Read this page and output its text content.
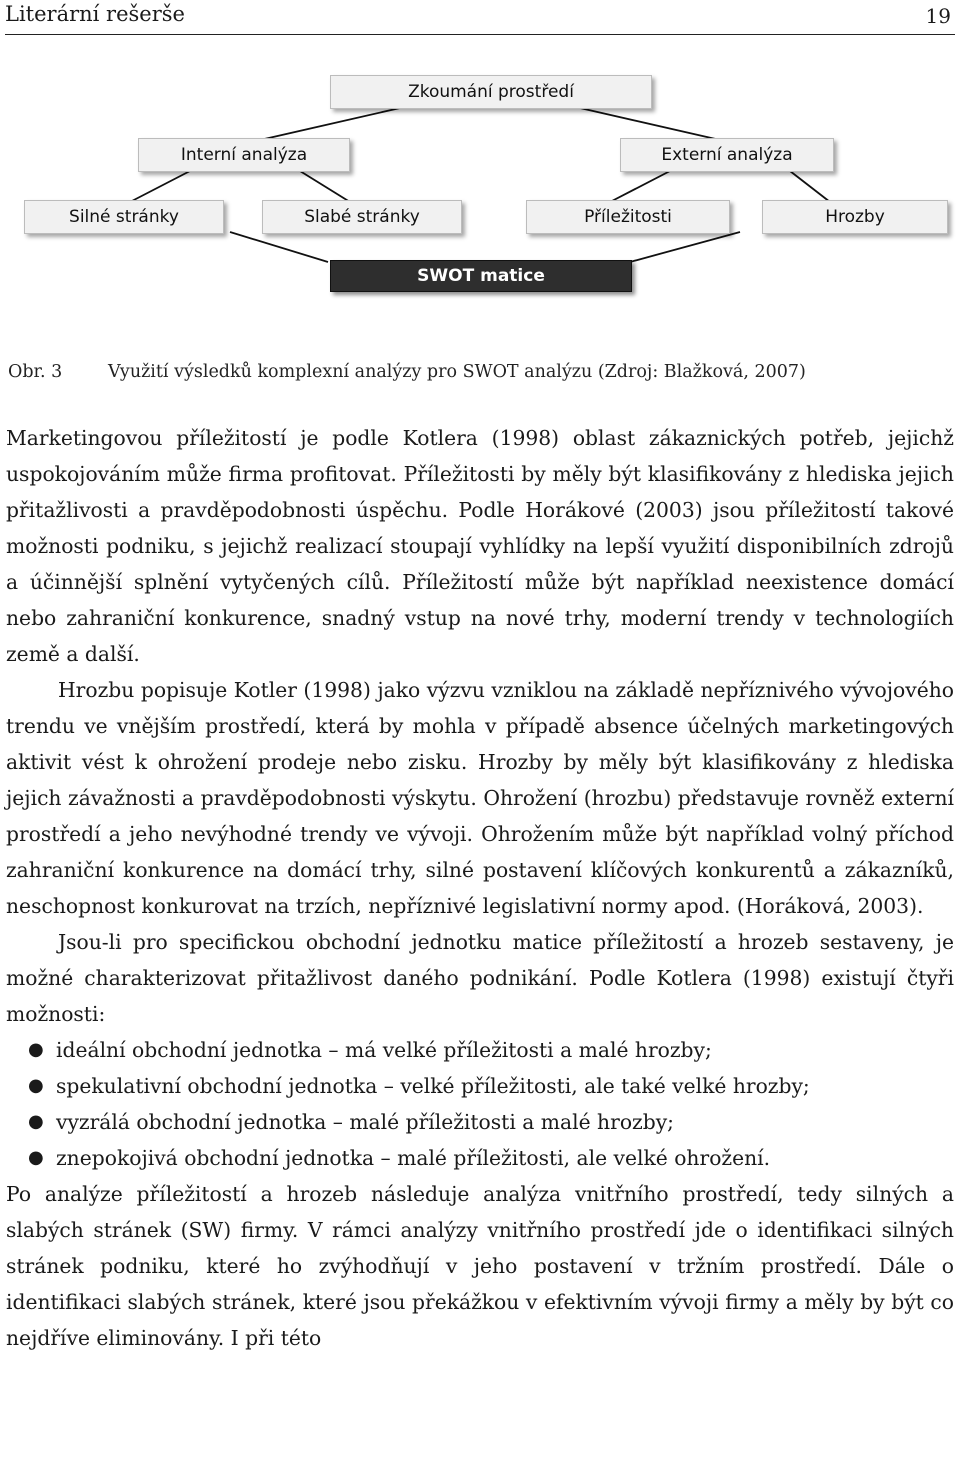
Literární rešerše	19
Zkoumání prostředí
Interní analýza	Externí analýza
Silné stránky	Slabé stránky	Příležitosti	Hrozby
SWOT matice
Obr. 3	Využití výsledků komplexní analýzy pro SWOT analýzu (Zdroj: Blažková, 2007)

Marketingovou příležitostí je podle Kotlera (1998) oblast zákaznických potřeb, jejichž uspokojováním může firma profitovat. Příležitosti by měly být klasifikovány z hlediska jejich přitažlivosti a pravděpodobnosti úspěchu. Podle Horákové (2003) jsou příležitostí takové možnosti podniku, s jejichž realizací stoupají vyhlídky na lepší využití disponibilních zdrojů a účinnější splnění vytyčených cílů. Příležitostí může být například neexistence domácí nebo zahraniční konkurence, snadný vstup na nové trhy, moderní trendy v technologiích země a další.

Hrozbu popisuje Kotler (1998) jako výzvu vzniklou na základě nepříznivého vývojového trendu ve vnějším prostředí, která by mohla v případě absence účelných marketingových aktivit vést k ohrožení prodeje nebo zisku. Hrozby by měly být klasifikovány z hlediska jejich závažnosti a pravděpodobnosti výskytu. Ohrožení (hrozbu) představuje rovněž externí prostředí a jeho nevýhodné trendy ve vývoji. Ohrožením může být například volný příchod zahraniční konkurence na domácí trhy, silné postavení klíčových konkurentů a zákazníků, neschopnost konkurovat na trzích, nepříznivé legislativní normy apod. (Horáková, 2003).

Jsou-li pro specifickou obchodní jednotku matice příležitostí a hrozeb sestaveny, je možné charakterizovat přitažlivost daného podnikání. Podle Kotlera (1998) existují čtyři možnosti:

● ideální obchodní jednotka – má velké příležitosti a malé hrozby;
● spekulativní obchodní jednotka – velké příležitosti, ale také velké hrozby;
● vyzrálá obchodní jednotka – malé příležitosti a malé hrozby;
● znepokojivá obchodní jednotka – malé příležitosti, ale velké ohrožení.

Po analýze příležitostí a hrozeb následuje analýza vnitřního prostředí, tedy silných a slabých stránek (SW) firmy. V rámci analýzy vnitřního prostředí jde o identifikaci silných stránek podniku, které ho zvýhodňují v jeho postavení v tržním prostředí. Dále o identifikaci slabých stránek, které jsou překážkou v efektivním vývoji firmy a měly by být co nejdříve eliminovány. I při této
